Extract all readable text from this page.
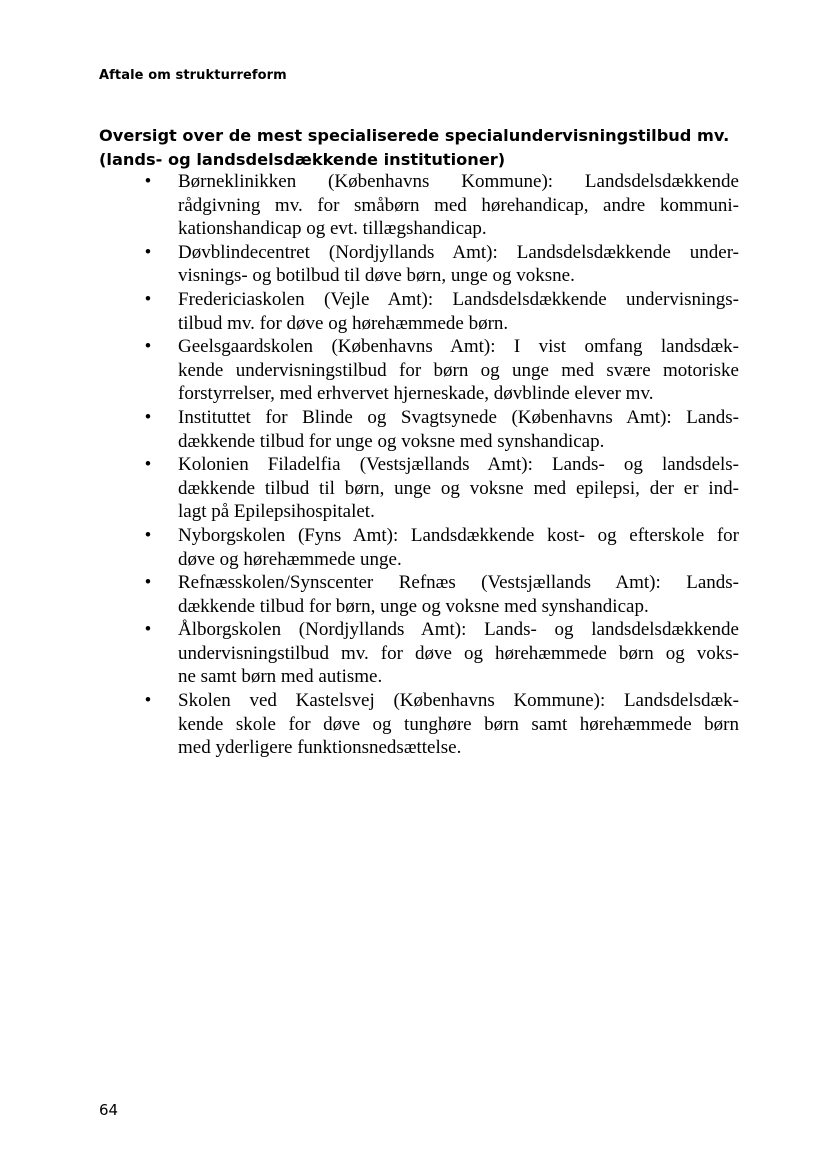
Aftale om strukturreform
Oversigt over de mest specialiserede specialundervisningstilbud mv.
(lands- og landsdelsdækkende institutioner)
• Børneklinikken (Københavns Kommune): Landsdelsdækkende
rådgivning mv. for småbørn med hørehandicap, andre kommuni-
kationshandicap og evt. tillægshandicap.
• Døvblindecentret (Nordjyllands Amt): Landsdelsdækkende under-
visnings- og botilbud til døve børn, unge og voksne.
• Fredericiaskolen (Vejle Amt): Landsdelsdækkende undervisnings-
tilbud mv. for døve og hørehæmmede børn.
• Geelsgaardskolen (Københavns Amt): I vist omfang landsdæk-
kende undervisningstilbud for børn og unge med svære motoriske
forstyrrelser, med erhvervet hjerneskade, døvblinde elever mv.
• Instituttet for Blinde og Svagtsynede (Københavns Amt): Lands-
dækkende tilbud for unge og voksne med synshandicap.
• Kolonien Filadelfia (Vestsjællands Amt): Lands- og landsdels-
dækkende tilbud til børn, unge og voksne med epilepsi, der er ind-
lagt på Epilepsihospitalet.
• Nyborgskolen (Fyns Amt): Landsdækkende kost- og efterskole for
døve og hørehæmmede unge.
• Refnæsskolen/Synscenter Refnæs (Vestsjællands Amt): Lands-
dækkende tilbud for børn, unge og voksne med synshandicap.
• Ålborgskolen (Nordjyllands Amt): Lands- og landsdelsdækkende
undervisningstilbud mv. for døve og hørehæmmede børn og voks-
ne samt børn med autisme.
• Skolen ved Kastelsvej (Københavns Kommune): Landsdelsdæk-
kende skole for døve og tunghøre børn samt hørehæmmede børn
med yderligere funktionsnedsættelse.
64
